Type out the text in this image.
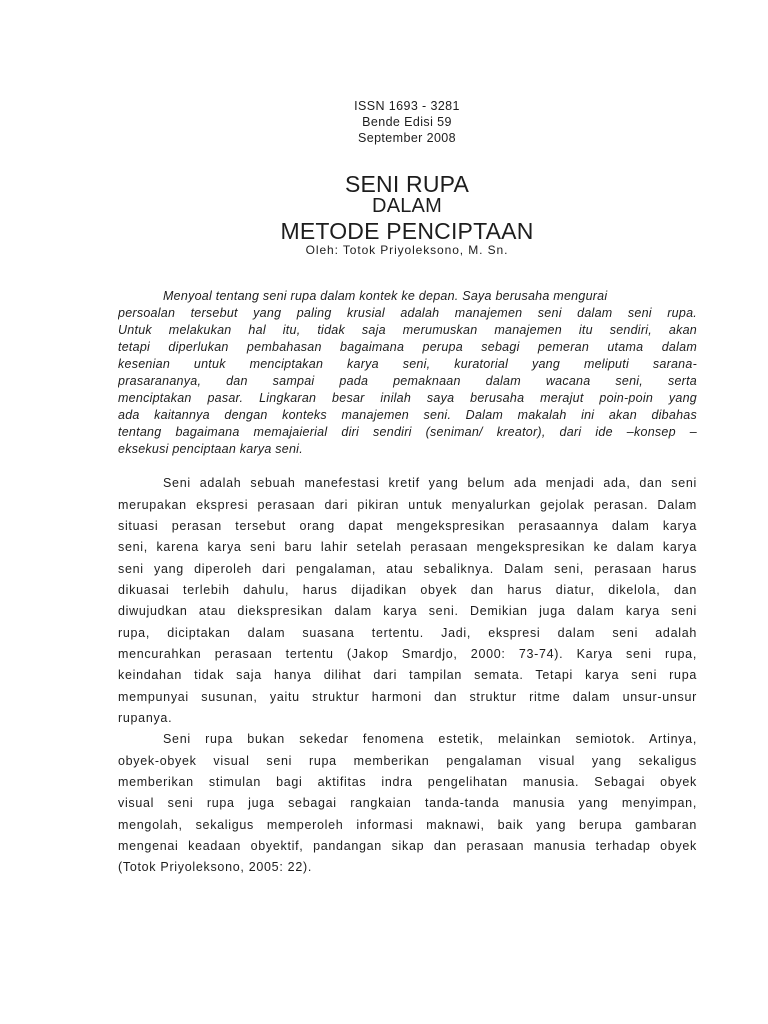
ISSN 1693 - 3281
Bende Edisi 59
September 2008
SENI RUPA
DALAM
METODE PENCIPTAAN
Oleh: Totok Priyoleksono, M. Sn.
Menyoal tentang seni rupa dalam kontek ke depan. Saya berusaha mengurai
persoalan tersebut yang paling krusial adalah manajemen seni dalam seni rupa.
Untuk melakukan hal itu, tidak saja merumuskan manajemen itu sendiri, akan
tetapi diperlukan pembahasan bagaimana perupa sebagi pemeran utama dalam
kesenian untuk menciptakan karya seni, kuratorial yang meliputi sarana-
prasarananya, dan sampai pada pemaknaan dalam wacana seni, serta
menciptakan pasar. Lingkaran besar inilah saya berusaha merajut poin-poin yang
ada kaitannya dengan konteks manajemen seni. Dalam makalah ini akan dibahas
tentang bagaimana memajaierial diri sendiri (seniman/ kreator), dari ide –konsep –
eksekusi penciptaan karya seni.
Seni adalah sebuah manefestasi kretif yang belum ada menjadi ada, dan seni
merupakan ekspresi perasaan dari pikiran untuk menyalurkan gejolak perasan. Dalam
situasi perasan tersebut orang dapat mengekspresikan perasaannya dalam karya
seni, karena karya seni baru lahir setelah perasaan mengekspresikan ke dalam karya
seni yang diperoleh dari pengalaman, atau sebaliknya. Dalam seni, perasaan harus
dikuasai terlebih dahulu, harus dijadikan obyek dan harus diatur, dikelola, dan
diwujudkan atau diekspresikan dalam karya seni. Demikian juga dalam karya seni
rupa, diciptakan dalam suasana tertentu. Jadi, ekspresi dalam seni adalah
mencurahkan perasaan tertentu (Jakop Smardjo, 2000: 73-74). Karya seni rupa,
keindahan tidak saja hanya dilihat dari tampilan semata. Tetapi karya seni rupa
mempunyai susunan, yaitu struktur harmoni dan struktur ritme dalam unsur-unsur
rupanya.
Seni rupa bukan sekedar fenomena estetik, melainkan semiotok. Artinya,
obyek-obyek visual seni rupa memberikan pengalaman visual yang sekaligus
memberikan stimulan bagi aktifitas indra pengelihatan manusia. Sebagai obyek
visual seni rupa juga sebagai rangkaian tanda-tanda manusia yang menyimpan,
mengolah, sekaligus memperoleh informasi maknawi, baik yang berupa gambaran
mengenai keadaan obyektif, pandangan sikap dan perasaan manusia terhadap obyek
(Totok Priyoleksono, 2005: 22).
